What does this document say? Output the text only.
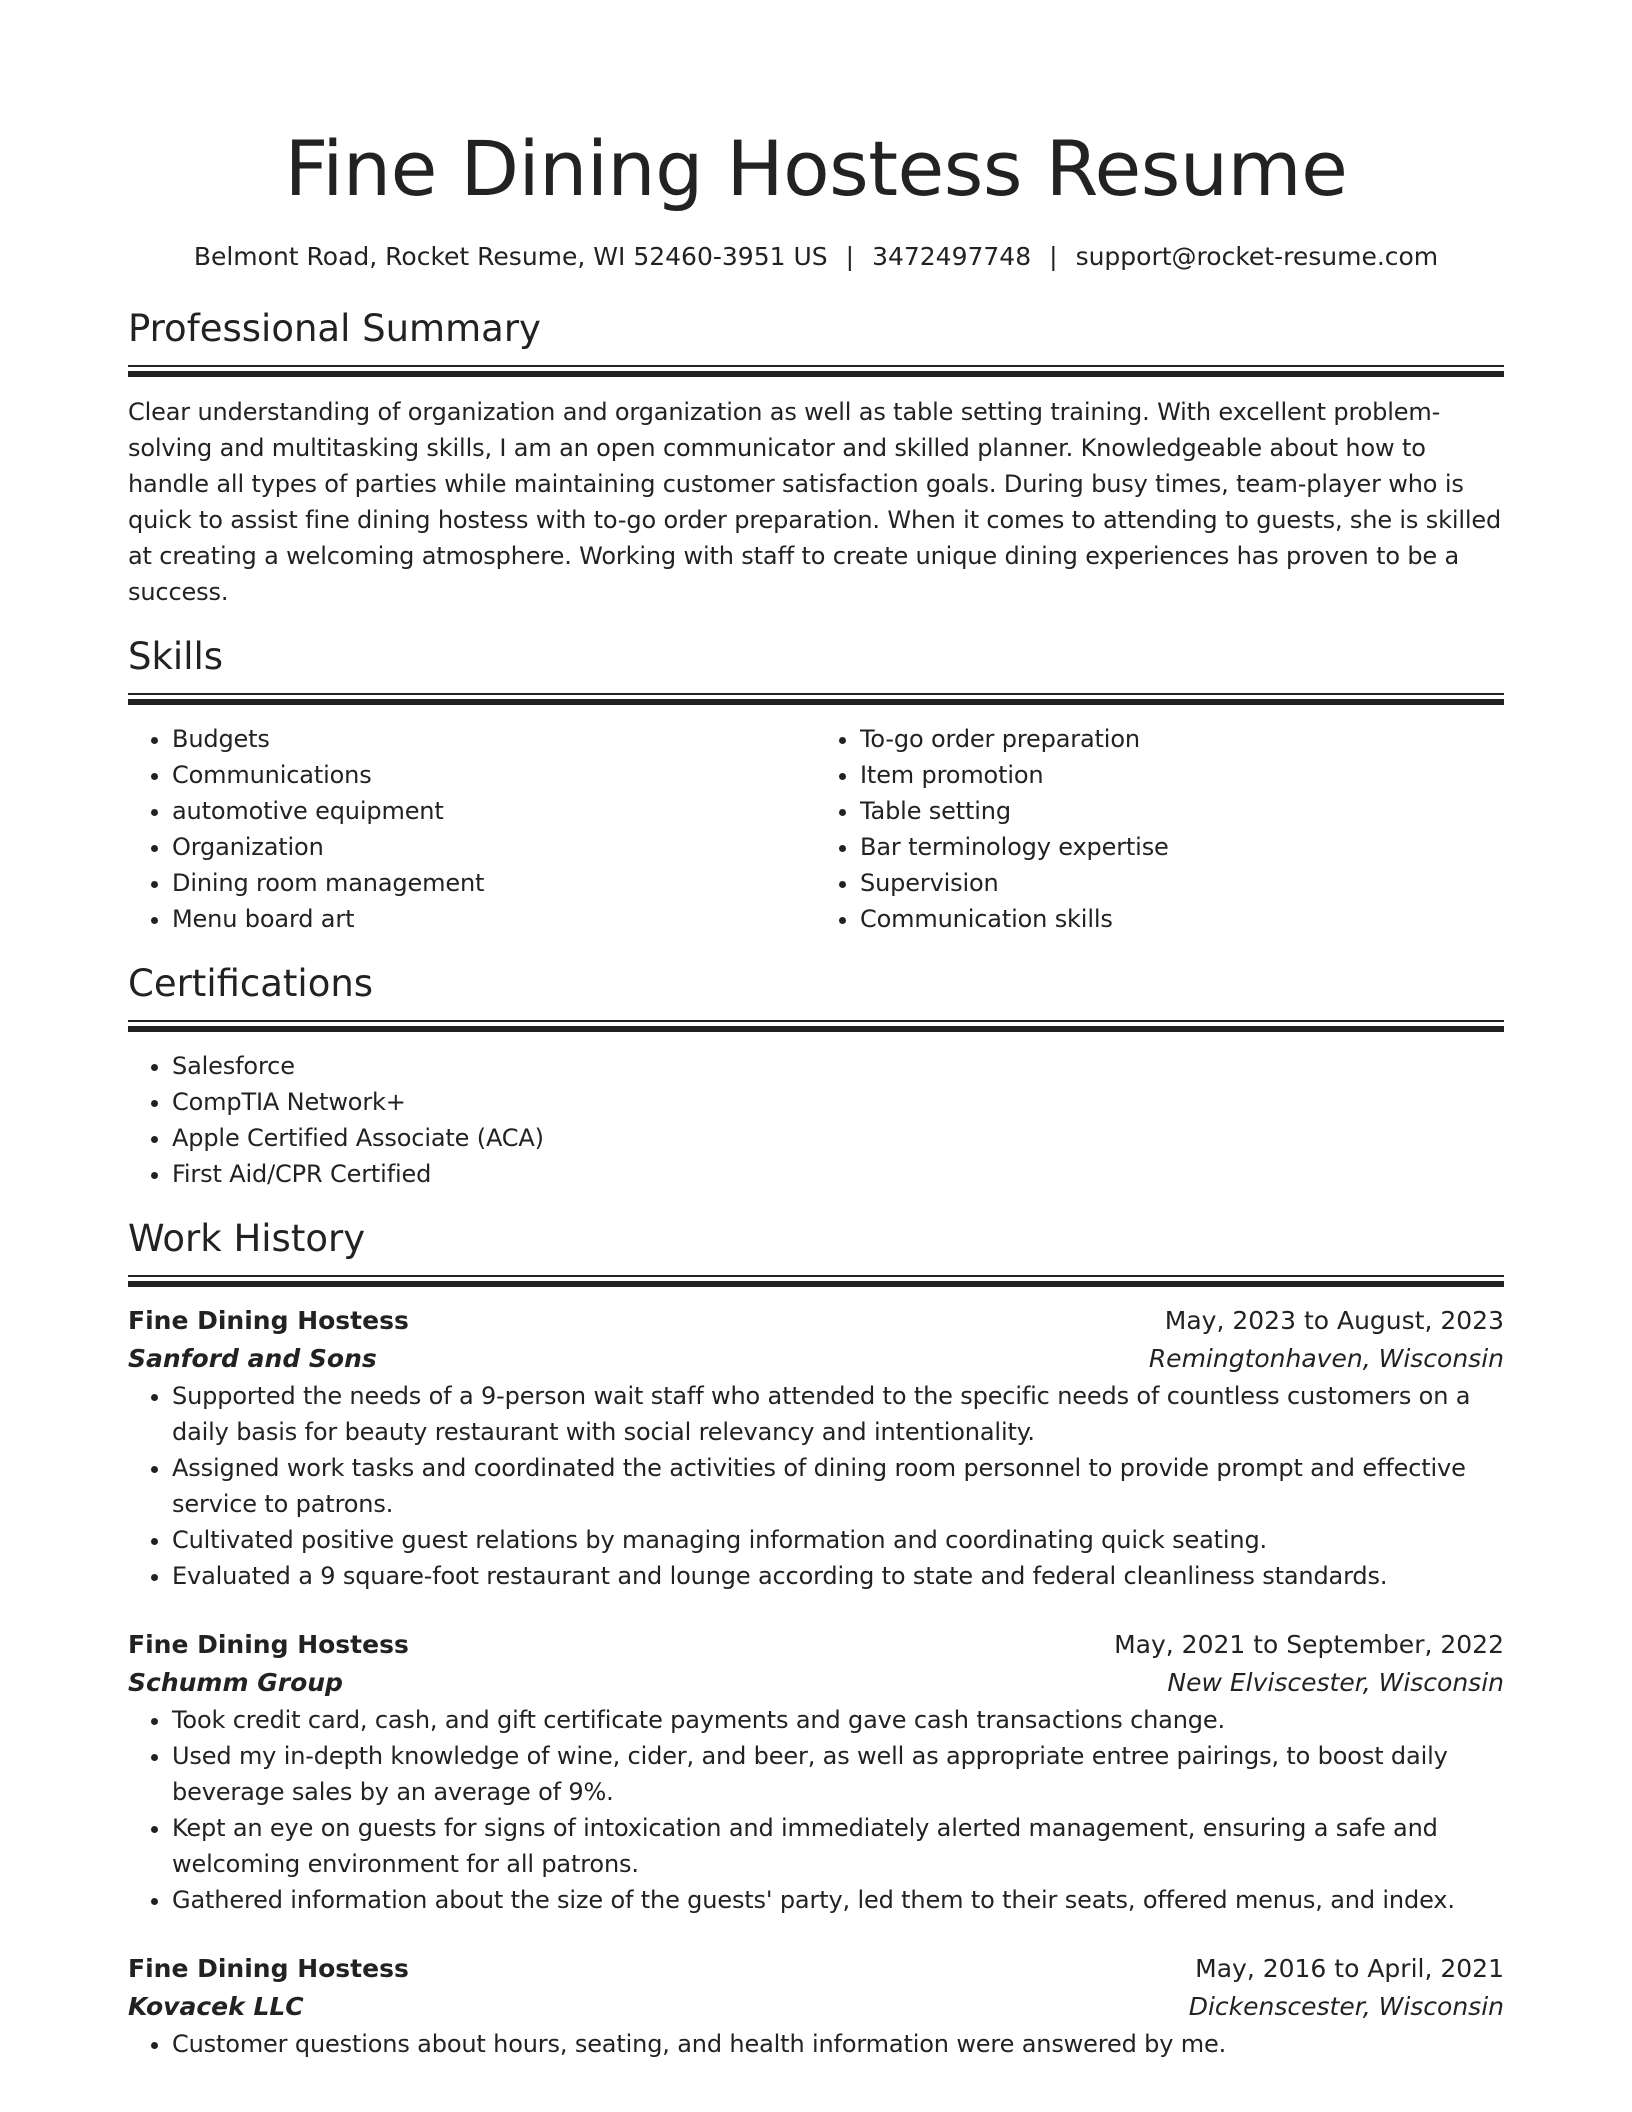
Fine Dining Hostess Resume
Belmont Road, Rocket Resume, WI 52460-3951 US | 3472497748 | support@rocket-resume.com
Professional Summary
Clear understanding of organization and organization as well as table setting training. With excellent problem-solving and multitasking skills, I am an open communicator and skilled planner. Knowledgeable about how to handle all types of parties while maintaining customer satisfaction goals. During busy times, team-player who is quick to assist fine dining hostess with to-go order preparation. When it comes to attending to guests, she is skilled at creating a welcoming atmosphere. Working with staff to create unique dining experiences has proven to be a success.
Skills
• Budgets
• Communications
• automotive equipment
• Organization
• Dining room management
• Menu board art
• To-go order preparation
• Item promotion
• Table setting
• Bar terminology expertise
• Supervision
• Communication skills
Certifications
• Salesforce
• CompTIA Network+
• Apple Certified Associate (ACA)
• First Aid/CPR Certified
Work History
Fine Dining Hostess	May, 2023 to August, 2023
Sanford and Sons	Remingtonhaven, Wisconsin
• Supported the needs of a 9-person wait staff who attended to the specific needs of countless customers on a daily basis for beauty restaurant with social relevancy and intentionality.
• Assigned work tasks and coordinated the activities of dining room personnel to provide prompt and effective service to patrons.
• Cultivated positive guest relations by managing information and coordinating quick seating.
• Evaluated a 9 square-foot restaurant and lounge according to state and federal cleanliness standards.
Fine Dining Hostess	May, 2021 to September, 2022
Schumm Group	New Elviscester, Wisconsin
• Took credit card, cash, and gift certificate payments and gave cash transactions change.
• Used my in-depth knowledge of wine, cider, and beer, as well as appropriate entree pairings, to boost daily beverage sales by an average of 9%.
• Kept an eye on guests for signs of intoxication and immediately alerted management, ensuring a safe and welcoming environment for all patrons.
• Gathered information about the size of the guests' party, led them to their seats, offered menus, and index.
Fine Dining Hostess	May, 2016 to April, 2021
Kovacek LLC	Dickenscester, Wisconsin
• Customer questions about hours, seating, and health information were answered by me.
